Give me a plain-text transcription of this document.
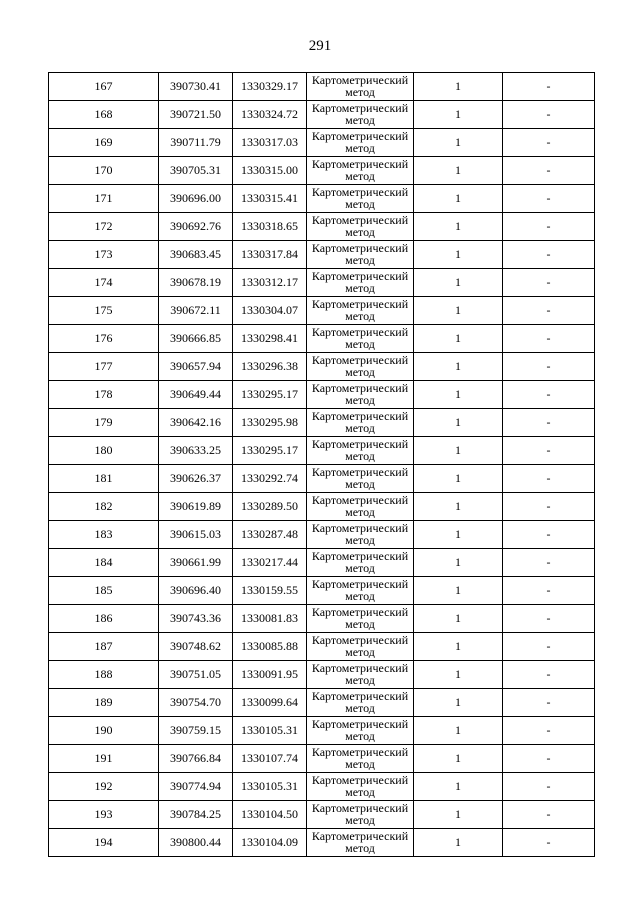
291
167	390730.41	1330329.17	Картометрический
метод	1	-
168	390721.50	1330324.72	Картометрический
метод	1	-
169	390711.79	1330317.03	Картометрический
метод	1	-
170	390705.31	1330315.00	Картометрический
метод	1	-
171	390696.00	1330315.41	Картометрический
метод	1	-
172	390692.76	1330318.65	Картометрический
метод	1	-
173	390683.45	1330317.84	Картометрический
метод	1	-
174	390678.19	1330312.17	Картометрический
метод	1	-
175	390672.11	1330304.07	Картометрический
метод	1	-
176	390666.85	1330298.41	Картометрический
метод	1	-
177	390657.94	1330296.38	Картометрический
метод	1	-
178	390649.44	1330295.17	Картометрический
метод	1	-
179	390642.16	1330295.98	Картометрический
метод	1	-
180	390633.25	1330295.17	Картометрический
метод	1	-
181	390626.37	1330292.74	Картометрический
метод	1	-
182	390619.89	1330289.50	Картометрический
метод	1	-
183	390615.03	1330287.48	Картометрический
метод	1	-
184	390661.99	1330217.44	Картометрический
метод	1	-
185	390696.40	1330159.55	Картометрический
метод	1	-
186	390743.36	1330081.83	Картометрический
метод	1	-
187	390748.62	1330085.88	Картометрический
метод	1	-
188	390751.05	1330091.95	Картометрический
метод	1	-
189	390754.70	1330099.64	Картометрический
метод	1	-
190	390759.15	1330105.31	Картометрический
метод	1	-
191	390766.84	1330107.74	Картометрический
метод	1	-
192	390774.94	1330105.31	Картометрический
метод	1	-
193	390784.25	1330104.50	Картометрический
метод	1	-
194	390800.44	1330104.09	Картометрический
метод	1	-
